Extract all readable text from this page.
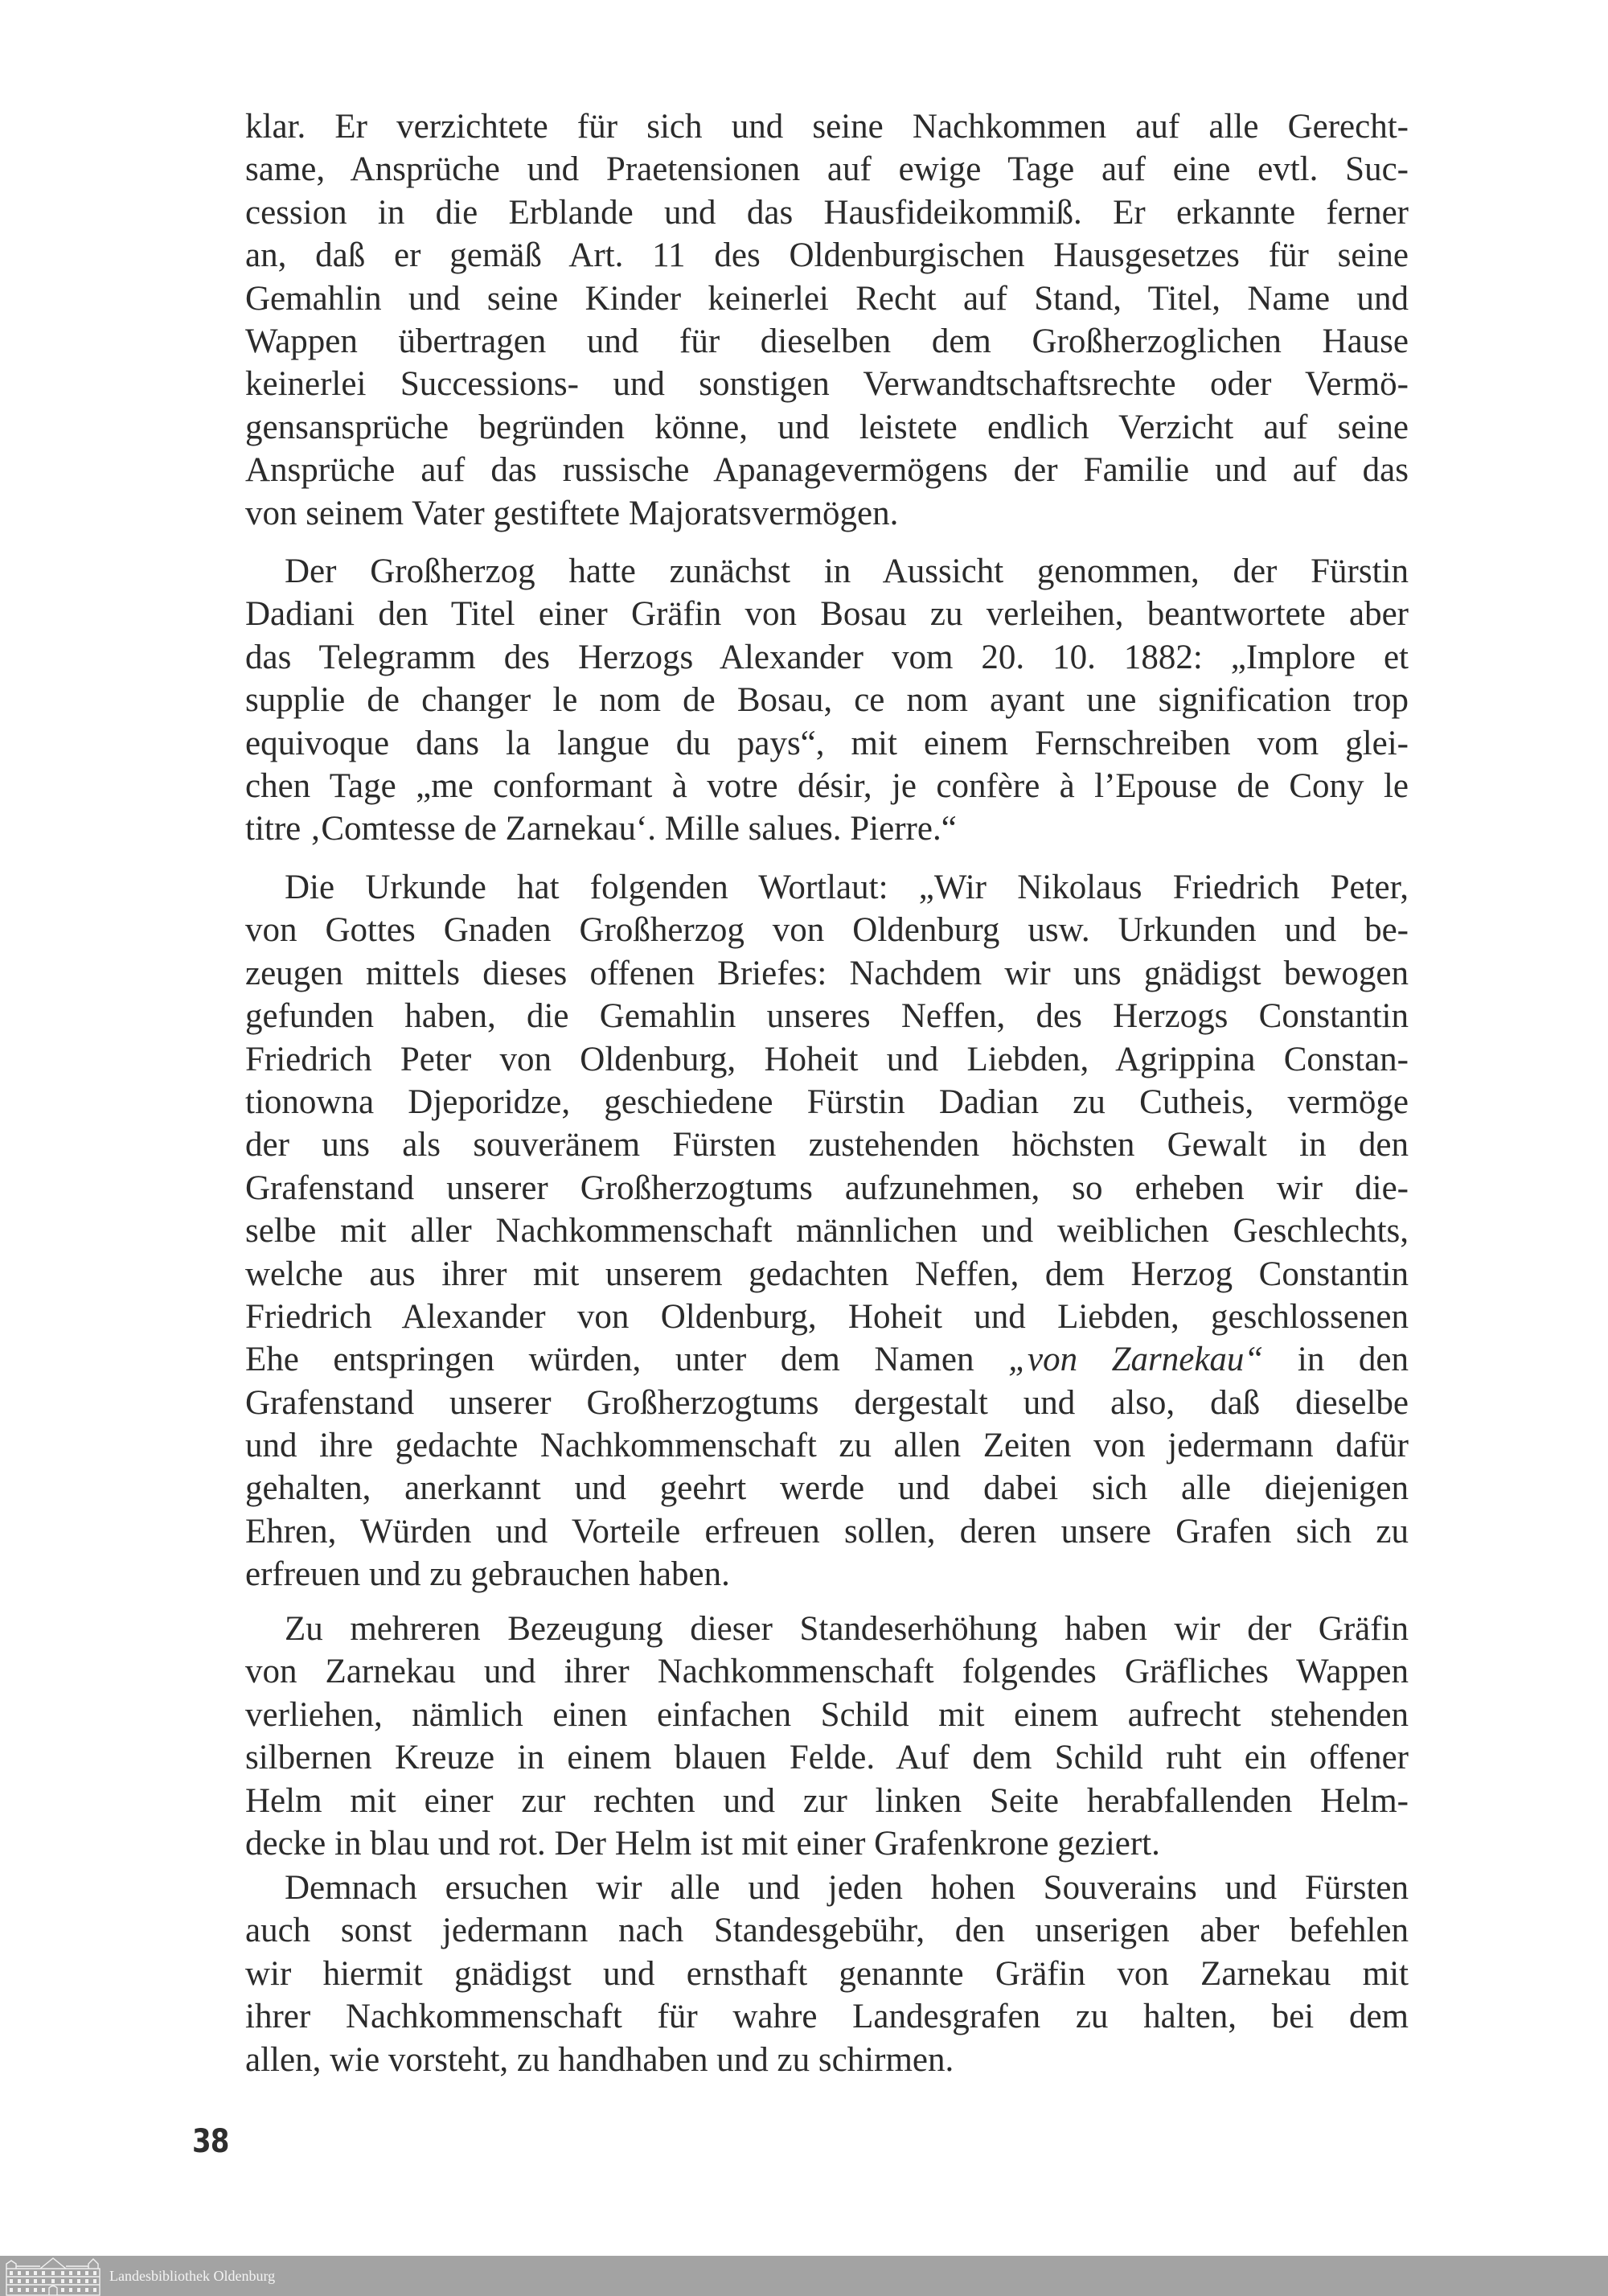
klar. Er verzichtete für sich und seine Nachkommen auf alle Gerecht-
same, Ansprüche und Praetensionen auf ewige Tage auf eine evtl. Suc-
cession in die Erblande und das Hausfideikommiß. Er erkannte ferner
an, daß er gemäß Art. 11 des Oldenburgischen Hausgesetzes für seine
Gemahlin und seine Kinder keinerlei Recht auf Stand, Titel, Name und
Wappen übertragen und für dieselben dem Großherzoglichen Hause
keinerlei Successions- und sonstigen Verwandtschaftsrechte oder Vermö-
gensansprüche begründen könne, und leistete endlich Verzicht auf seine
Ansprüche auf das russische Apanagevermögens der Familie und auf das
von seinem Vater gestiftete Majoratsvermögen.
Der Großherzog hatte zunächst in Aussicht genommen, der Fürstin
Dadiani den Titel einer Gräfin von Bosau zu verleihen, beantwortete aber
das Telegramm des Herzogs Alexander vom 20. 10. 1882: „Implore et
supplie de changer le nom de Bosau, ce nom ayant une signification trop
equivoque dans la langue du pays“, mit einem Fernschreiben vom glei-
chen Tage „me conformant à votre désir, je confère à l’Epouse de Cony le
titre ‚Comtesse de Zarnekau‘. Mille salues. Pierre.“
Die Urkunde hat folgenden Wortlaut: „Wir Nikolaus Friedrich Peter,
von Gottes Gnaden Großherzog von Oldenburg usw. Urkunden und be-
zeugen mittels dieses offenen Briefes: Nachdem wir uns gnädigst bewogen
gefunden haben, die Gemahlin unseres Neffen, des Herzogs Constantin
Friedrich Peter von Oldenburg, Hoheit und Liebden, Agrippina Constan-
tionowna Djeporidze, geschiedene Fürstin Dadian zu Cutheis, vermöge
der uns als souveränem Fürsten zustehenden höchsten Gewalt in den
Grafenstand unserer Großherzogtums aufzunehmen, so erheben wir die-
selbe mit aller Nachkommenschaft männlichen und weiblichen Geschlechts,
welche aus ihrer mit unserem gedachten Neffen, dem Herzog Constantin
Friedrich Alexander von Oldenburg, Hoheit und Liebden, geschlossenen
Ehe entspringen würden, unter dem Namen „von Zarnekau“ in den
Grafenstand unserer Großherzogtums dergestalt und also, daß dieselbe
und ihre gedachte Nachkommenschaft zu allen Zeiten von jedermann dafür
gehalten, anerkannt und geehrt werde und dabei sich alle diejenigen
Ehren, Würden und Vorteile erfreuen sollen, deren unsere Grafen sich zu
erfreuen und zu gebrauchen haben.
Zu mehreren Bezeugung dieser Standeserhöhung haben wir der Gräfin
von Zarnekau und ihrer Nachkommenschaft folgendes Gräfliches Wappen
verliehen, nämlich einen einfachen Schild mit einem aufrecht stehenden
silbernen Kreuze in einem blauen Felde. Auf dem Schild ruht ein offener
Helm mit einer zur rechten und zur linken Seite herabfallenden Helm-
decke in blau und rot. Der Helm ist mit einer Grafenkrone geziert.
Demnach ersuchen wir alle und jeden hohen Souverains und Fürsten
auch sonst jedermann nach Standesgebühr, den unserigen aber befehlen
wir hiermit gnädigst und ernsthaft genannte Gräfin von Zarnekau mit
ihrer Nachkommenschaft für wahre Landesgrafen zu halten, bei dem
allen, wie vorsteht, zu handhaben und zu schirmen.
38
Landesbibliothek Oldenburg
